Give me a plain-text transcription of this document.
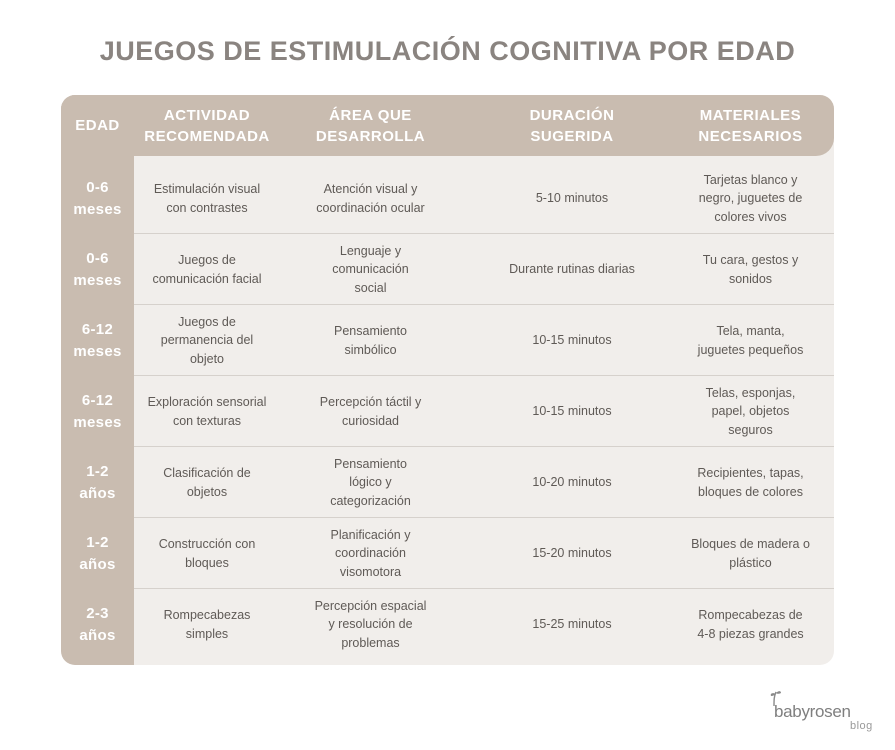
JUEGOS DE ESTIMULACIÓN COGNITIVA POR EDAD
EDAD
ACTIVIDAD
RECOMENDADA
ÁREA QUE
DESARROLLA
DURACIÓN
SUGERIDA
MATERIALES
NECESARIOS
0-6
meses
Estimulación visual
con contrastes
Atención visual y
coordinación ocular
5-10 minutos
Tarjetas blanco y
negro, juguetes de
colores vivos
0-6
meses
Juegos de
comunicación facial
Lenguaje y
comunicación
social
Durante rutinas diarias
Tu cara, gestos y
sonidos
6-12
meses
Juegos de
permanencia del
objeto
Pensamiento
simbólico
10-15 minutos
Tela, manta,
juguetes pequeños
6-12
meses
Exploración sensorial
con texturas
Percepción táctil y
curiosidad
10-15 minutos
Telas, esponjas,
papel, objetos
seguros
1-2
años
Clasificación de
objetos
Pensamiento
lógico y
categorización
10-20 minutos
Recipientes, tapas,
bloques de colores
1-2
años
Construcción con
bloques
Planificación y
coordinación
visomotora
15-20 minutos
Bloques de madera o
plástico
2-3
años
Rompecabezas
simples
Percepción espacial
y resolución de
problemas
15-25 minutos
Rompecabezas de
4-8 piezas grandes
babyrosen
blog
